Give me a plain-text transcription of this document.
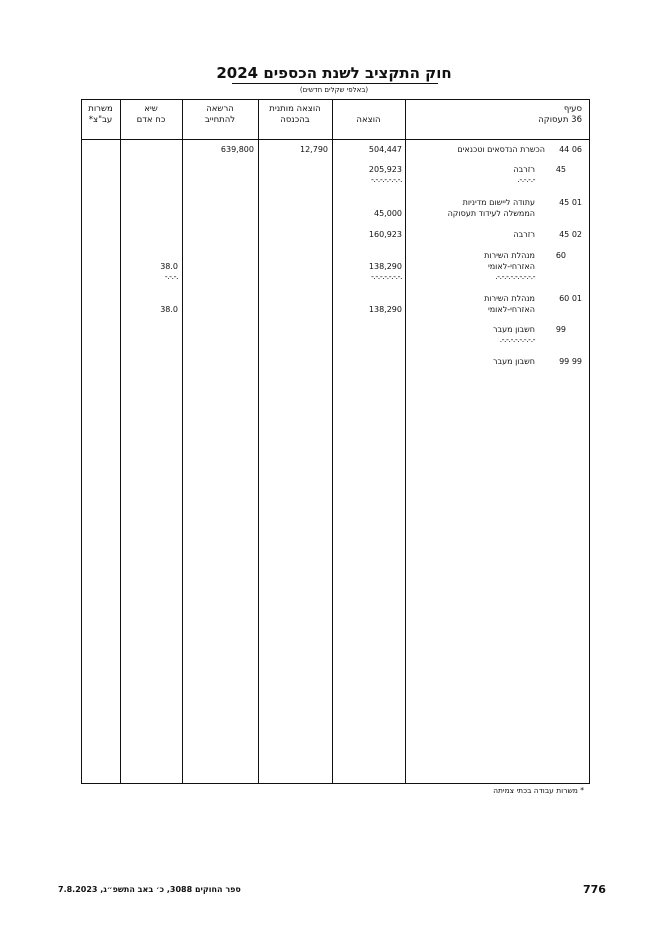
חוק התקציב לשנת הכספים 2024
(באלפי שקלים חדשים)
סעיף
36 תעסוקה
הוצאה
הוצאה מותנית
בהכנסה
הרשאה
להתחייב
שיא
כח אדם
משרות
עב"צ*
44 06
הכשרת הנדסאים וטכנאים
504,447
12,790
639,800
45
רזרבה
-.-.-.-.
205,923
-.-.-.-.-.-.-.
45 01
עתודה ליישום מדיניות
הממשלה לעידוד תעסוקה
45,000
45 02
רזרבה
160,923
60
מנהלת השירות
האזרחי-לאומי
-.-.-.-.-.-.-.-.-.
138,290
-.-.-.-.-.-.-.
38.0
-.-.-.
60 01
מנהלת השירות
האזרחי-לאומי
138,290
38.0
99
חשבון מעבר
-.-.-.-.-.-.-.-.
99 99
חשבון מעבר
* משרות עבודה בכתי צמיתה
ספר החוקים 3088, כ׳ באב התשפ״ג, 7.8.2023	776
